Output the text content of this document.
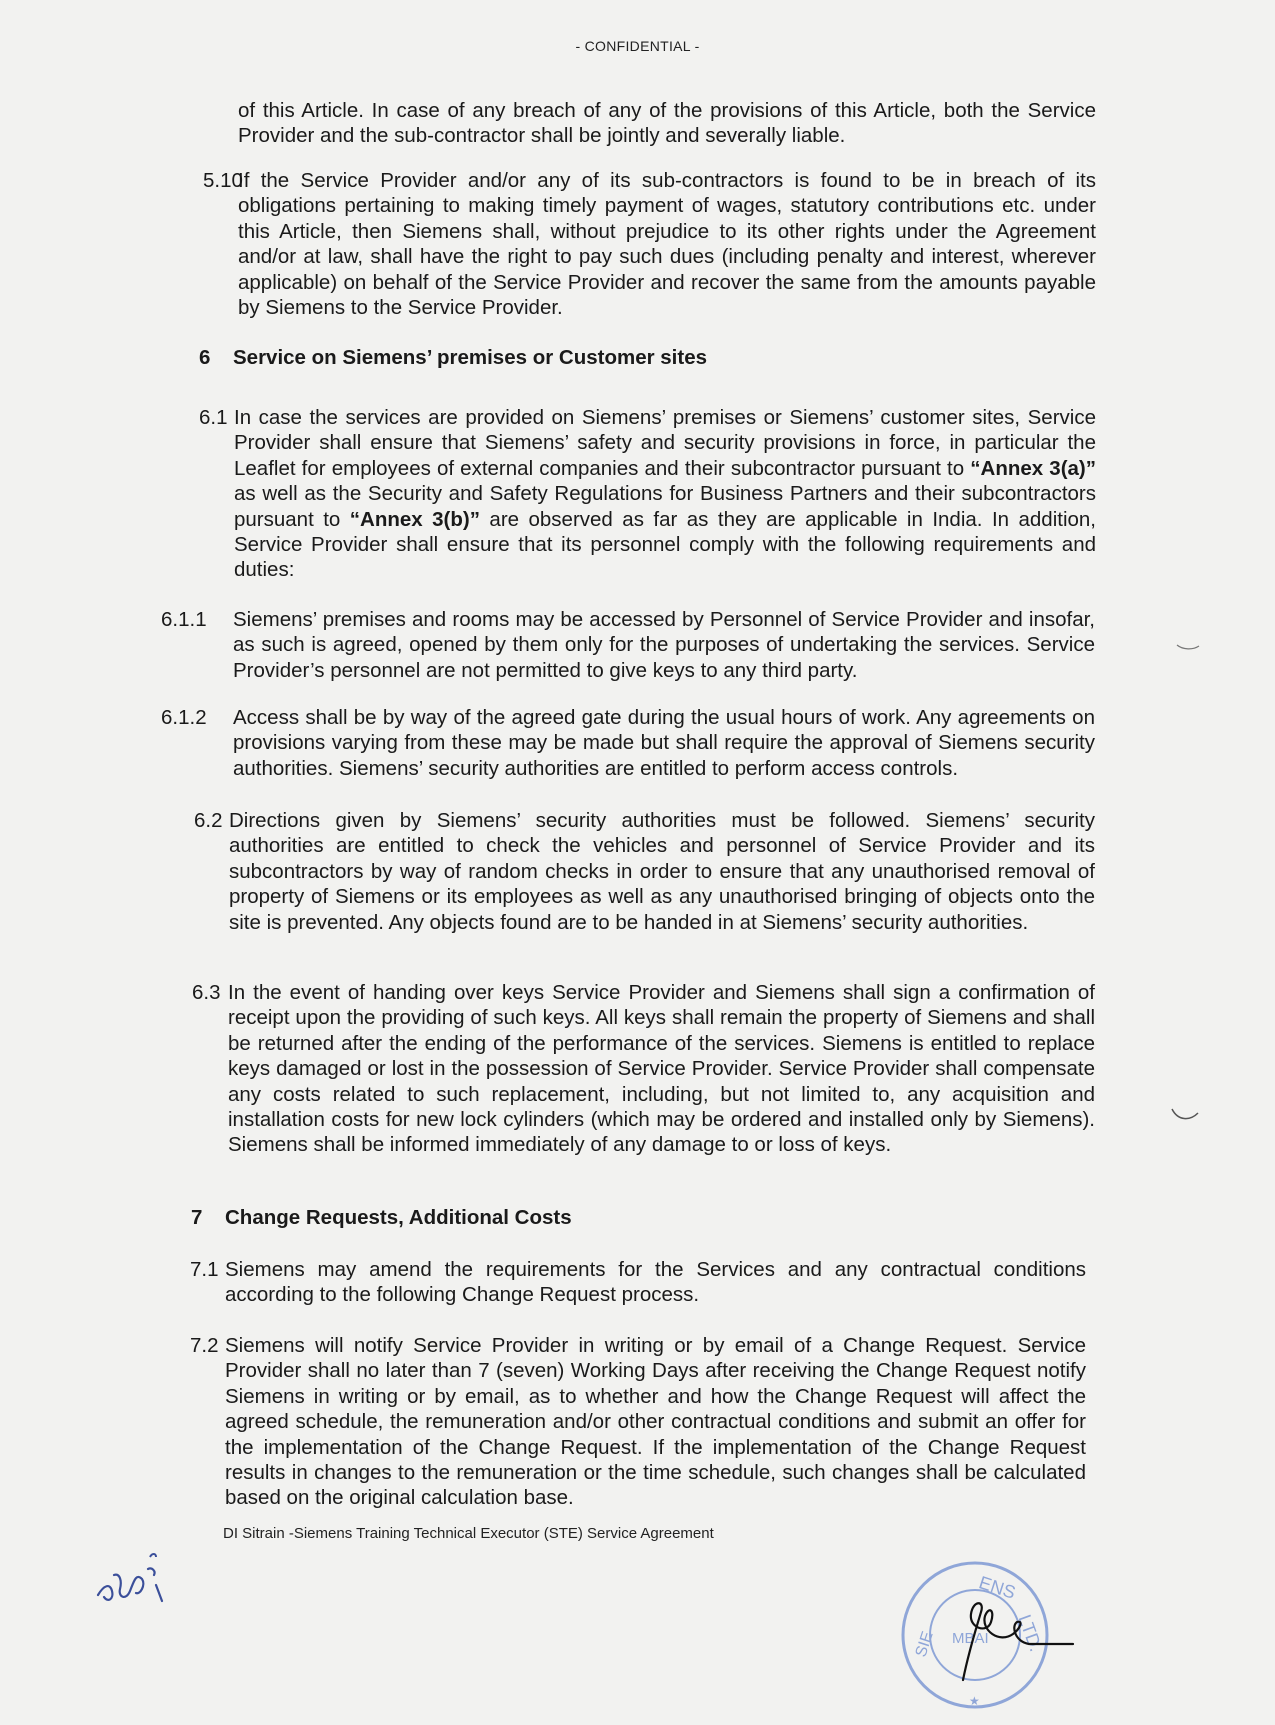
- CONFIDENTIAL -
of this Article. In case of any breach of any of the provisions of this Article, both the Service Provider and the sub-contractor shall be jointly and severally liable.
5.10
If the Service Provider and/or any of its sub-contractors is found to be in breach of its obligations pertaining to making timely payment of wages, statutory contributions etc. under this Article, then Siemens shall, without prejudice to its other rights under the Agreement and/or at law, shall have the right to pay such dues (including penalty and interest, wherever applicable) on behalf of the Service Provider and recover the same from the amounts payable by Siemens to the Service Provider.
6 Service on Siemens’ premises or Customer sites
6.1 In case the services are provided on Siemens’ premises or Siemens’ customer sites, Service Provider shall ensure that Siemens’ safety and security provisions in force, in particular the Leaflet for employees of external companies and their subcontractor pursuant to “Annex 3(a)” as well as the Security and Safety Regulations for Business Partners and their subcontractors pursuant to “Annex 3(b)” are observed as far as they are applicable in India. In addition, Service Provider shall ensure that its personnel comply with the following requirements and duties:
6.1.1 Siemens’ premises and rooms may be accessed by Personnel of Service Provider and insofar, as such is agreed, opened by them only for the purposes of undertaking the services. Service Provider’s personnel are not permitted to give keys to any third party.
6.1.2 Access shall be by way of the agreed gate during the usual hours of work. Any agreements on provisions varying from these may be made but shall require the approval of Siemens security authorities. Siemens’ security authorities are entitled to perform access controls.
6.2 Directions given by Siemens’ security authorities must be followed. Siemens’ security authorities are entitled to check the vehicles and personnel of Service Provider and its subcontractors by way of random checks in order to ensure that any unauthorised removal of property of Siemens or its employees as well as any unauthorised bringing of objects onto the site is prevented. Any objects found are to be handed in at Siemens’ security authorities.
6.3 In the event of handing over keys Service Provider and Siemens shall sign a confirmation of receipt upon the providing of such keys. All keys shall remain the property of Siemens and shall be returned after the ending of the performance of the services. Siemens is entitled to replace keys damaged or lost in the possession of Service Provider. Service Provider shall compensate any costs related to such replacement, including, but not limited to, any acquisition and installation costs for new lock cylinders (which may be ordered and installed only by Siemens). Siemens shall be informed immediately of any damage to or loss of keys.
7 Change Requests, Additional Costs
7.1 Siemens may amend the requirements for the Services and any contractual conditions according to the following Change Request process.
7.2 Siemens will notify Service Provider in writing or by email of a Change Request. Service Provider shall no later than 7 (seven) Working Days after receiving the Change Request notify Siemens in writing or by email, as to whether and how the Change Request will affect the agreed schedule, the remuneration and/or other contractual conditions and submit an offer for the implementation of the Change Request. If the implementation of the Change Request results in changes to the remuneration or the time schedule, such changes shall be calculated based on the original calculation base.
DI Sitrain -Siemens Training Technical Executor (STE) Service Agreement
ENS
LTD.
SIE MBAI
★
